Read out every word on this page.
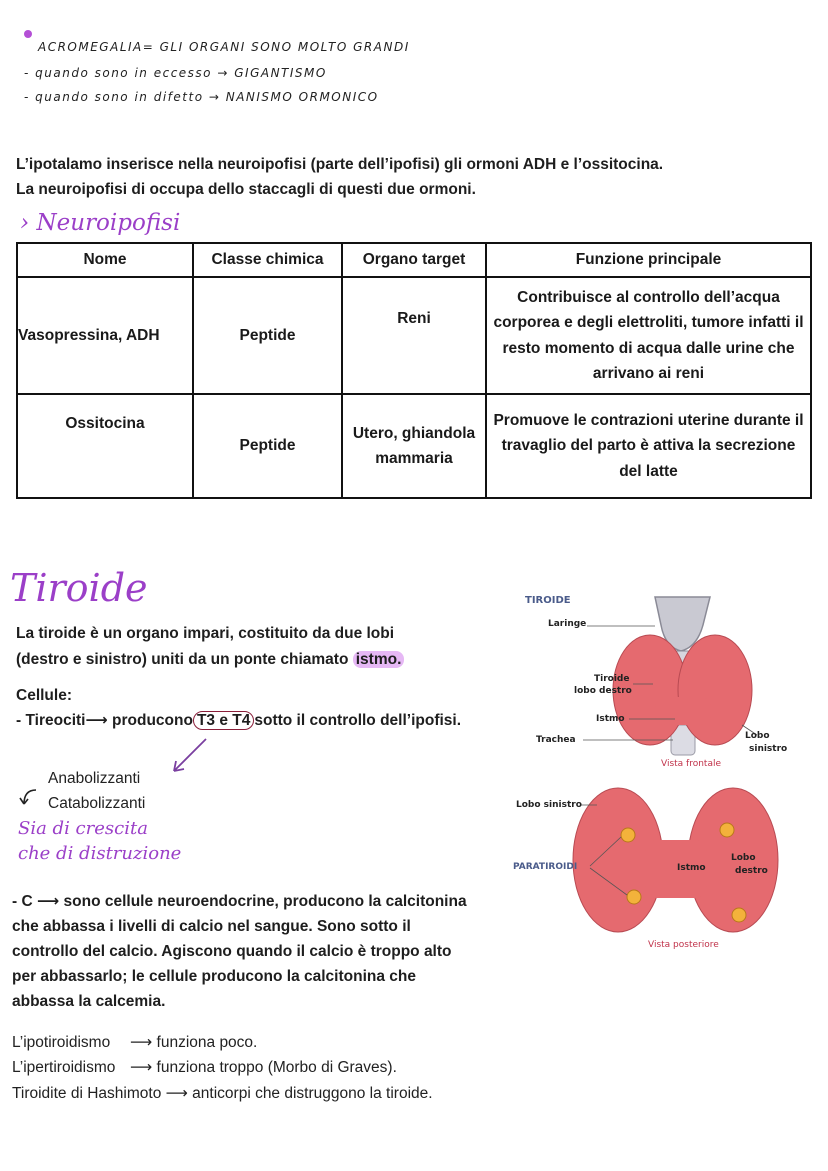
ACROMEGALIA= GLI ORGANI SONO MOLTO GRANDI
- quando sono in eccesso → GIGANTISMO
- quando sono in difetto → NANISMO ORMONICO
L’ipotalamo inserisce nella neuroipofisi (parte dell’ipofisi) gli ormoni ADH e l’ossitocina.
La neuroipofisi di occupa dello staccagli di questi due ormoni.
› Neuroipofisi
Nome	Classe chimica	Organo target	Funzione principale
Vasopressina, ADH	Peptide	Reni	Contribuisce al controllo dell’acqua corporea e degli elettroliti, tumore infatti il resto momento di acqua dalle urine che arrivano ai reni
Ossitocina	Peptide	Utero, ghiandola mammaria	Promuove le contrazioni uterine durante il travaglio del parto è attiva la secrezione del latte
Tiroide
La tiroide è un organo impari, costituito da due lobi
(destro e sinistro) uniti da un ponte chiamato istmo.
Cellule:
- Tireociti⟶ producono T3 e T4 sotto il controllo dell’ipofisi.
Anabolizzanti
Catabolizzanti
Sia di crescita
che di distruzione
- C ⟶ sono cellule neuroendocrine, producono la calcitonina
che abbassa i livelli di calcio nel sangue. Sono sotto il
controllo del calcio. Agiscono quando il calcio è troppo alto
per abbassarlo; le cellule producono la calcitonina che
abbassa la calcemia.
L’ipotiroidismo ⟶ funziona poco.
L’ipertiroidismo ⟶ funziona troppo (Morbo di Graves).
Tiroidite di Hashimoto ⟶ anticorpi che distruggono la tiroide.
TIROIDE
Laringe
Tiroide
lobo destro
Istmo
Trachea	Lobo
sinistro
Vista frontale
Lobo sinistro
PARATIROIDI	Istmo
Lobo
destro
Vista posteriore
